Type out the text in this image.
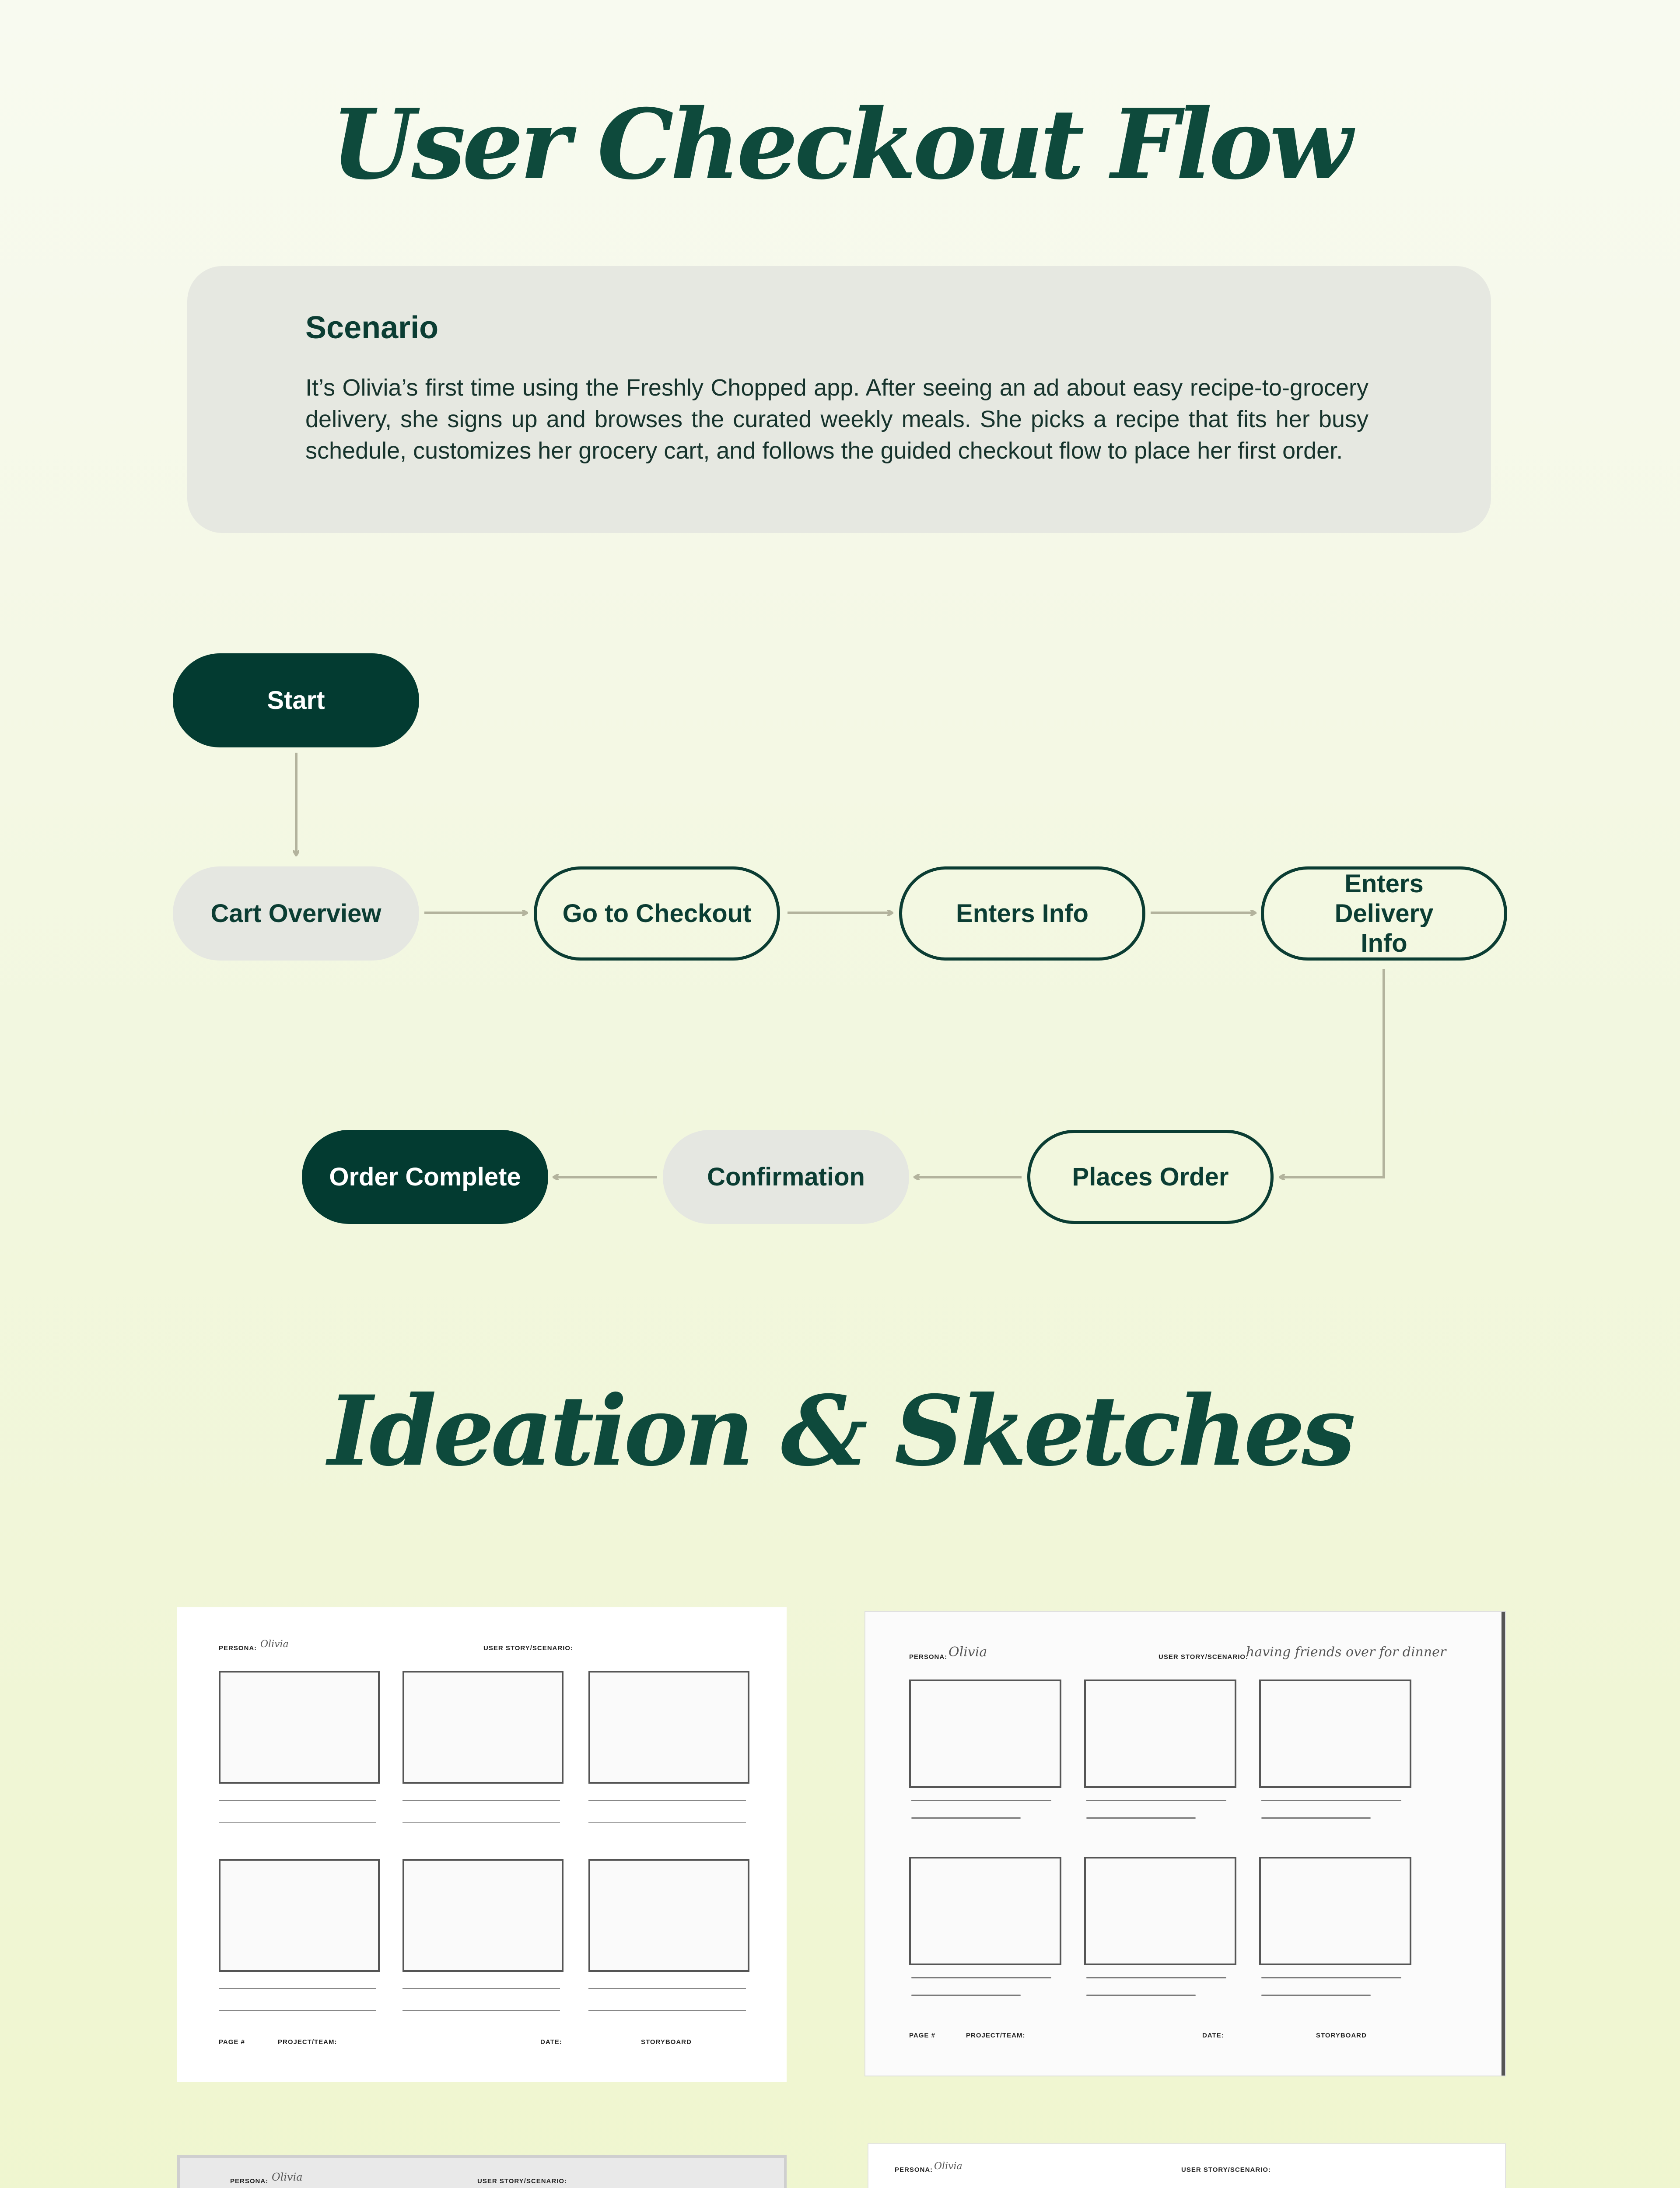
User Checkout Flow
Scenario

It’s Olivia’s first time using the Freshly Chopped app. After seeing an ad about easy recipe-to-grocery delivery, she signs up and browses the curated weekly meals. She picks a recipe that fits her busy schedule, customizes her grocery cart, and follows the guided checkout flow to place her first order.

Start
Cart Overview	Go to Checkout	Enters Info
Enters Delivery Info
Places Order
Confirmation
Order Complete
Ideation & Sketches
PERSONA: Olivia	USER STORY/SCENARIO:
PAGE #	PROJECT/TEAM:	DATE:	STORYBOARD
PERSONA: Olivia	USER STORY/SCENARIO:
having friends over for dinner
PAGE #	PROJECT/TEAM:	DATE:	STORYBOARD
PERSONA: Olivia	USER STORY/SCENARIO:
PERSONA: Olivia	USER STORY/SCENARIO:
